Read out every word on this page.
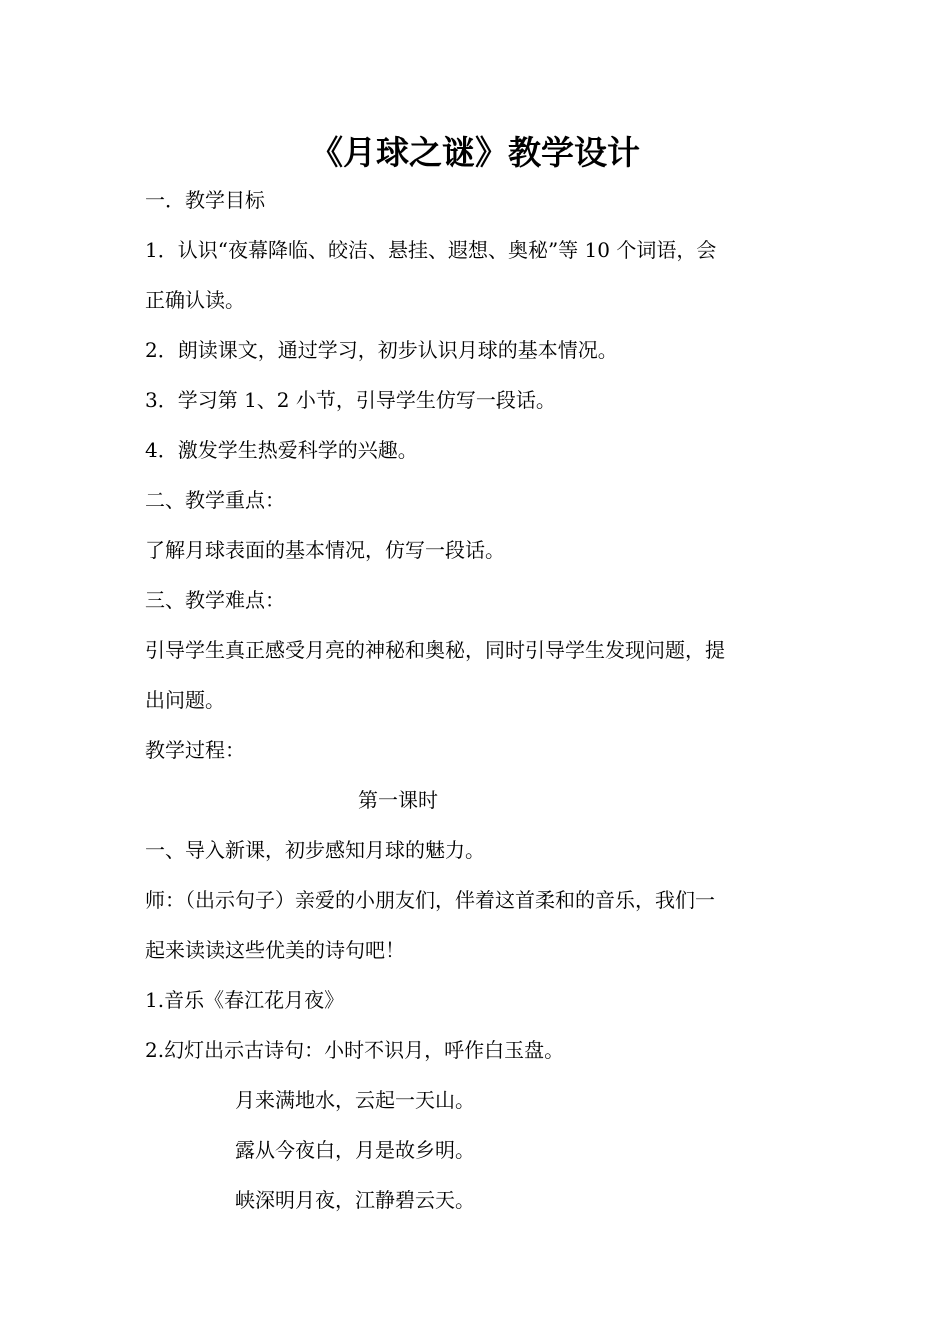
《月球之谜》教学设计

一．教学目标

1．认识“夜幕降临、皎洁、悬挂、遐想、奥秘”等 10 个词语，会

正确认读。

2．朗读课文，通过学习，初步认识月球的基本情况。

3．学习第 1、2 小节，引导学生仿写一段话。

4．激发学生热爱科学的兴趣。

二、教学重点：

了解月球表面的基本情况，仿写一段话。

三、教学难点：

引导学生真正感受月亮的神秘和奥秘，同时引导学生发现问题，提

出问题。

教学过程：

第一课时

一、导入新课，初步感知月球的魅力。

师：（出示句子）亲爱的小朋友们，伴着这首柔和的音乐，我们一

起来读读这些优美的诗句吧！

1.音乐《春江花月夜》

2.幻灯出示古诗句：小时不识月，呼作白玉盘。

月来满地水，云起一天山。

露从今夜白，月是故乡明。

峡深明月夜，江静碧云天。
